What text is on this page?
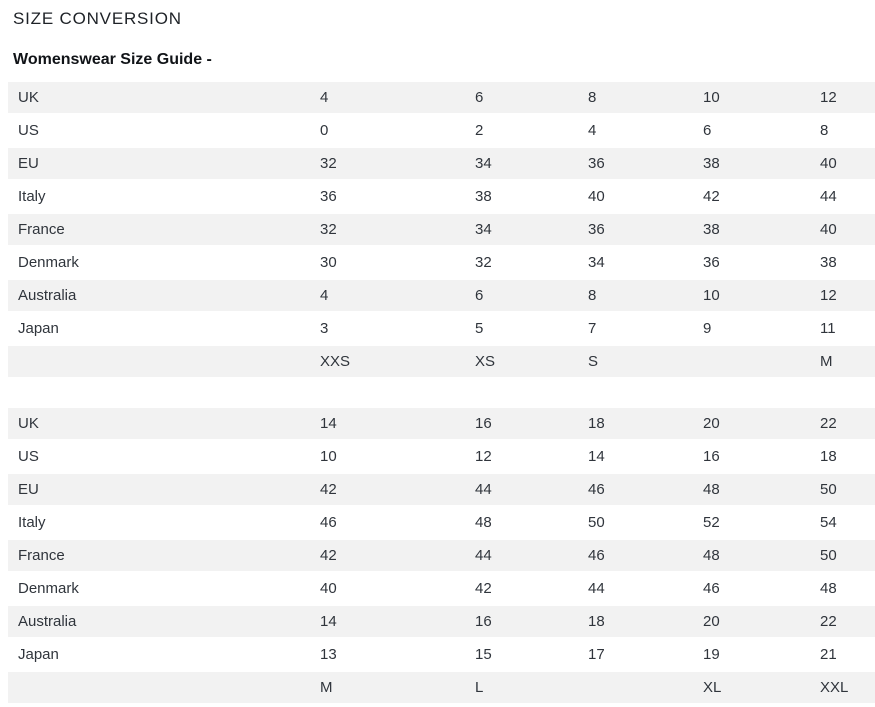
SIZE CONVERSION
Womenswear Size Guide -
UK	4	6	8	10	12
US	0	2	4	6	8
EU	32	34	36	38	40
Italy	36	38	40	42	44
France	32	34	36	38	40
Denmark	30	32	34	36	38
Australia	4	6	8	10	12
Japan	3	5	7	9	11
	XXS	XS	S		M
UK	14	16	18	20	22
US	10	12	14	16	18
EU	42	44	46	48	50
Italy	46	48	50	52	54
France	42	44	46	48	50
Denmark	40	42	44	46	48
Australia	14	16	18	20	22
Japan	13	15	17	19	21
	M	L		XL	XXL
